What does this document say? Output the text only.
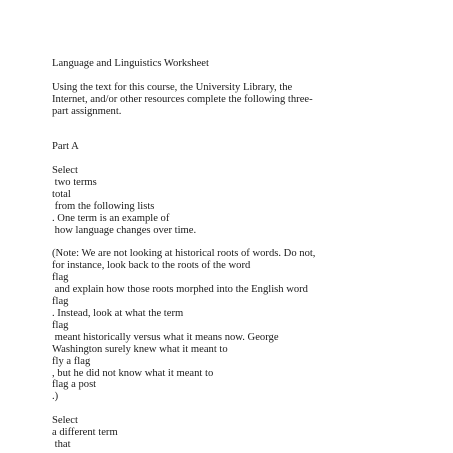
Language and Linguistics Worksheet
Using the text for this course, the University Library, the
Internet, and/or other resources complete the following three-
part assignment.
Part A
Select
two terms
total
from the following lists
. One term is an example of
how language changes over time.
(Note: We are not looking at historical roots of words. Do not,
for instance, look back to the roots of the word
flag
and explain how those roots morphed into the English word
flag
. Instead, look at what the term
flag
meant historically versus what it means now. George
Washington surely knew what it meant to
fly a flag
, but he did not know what it meant to
flag a post
.)
Select
a different term
that
